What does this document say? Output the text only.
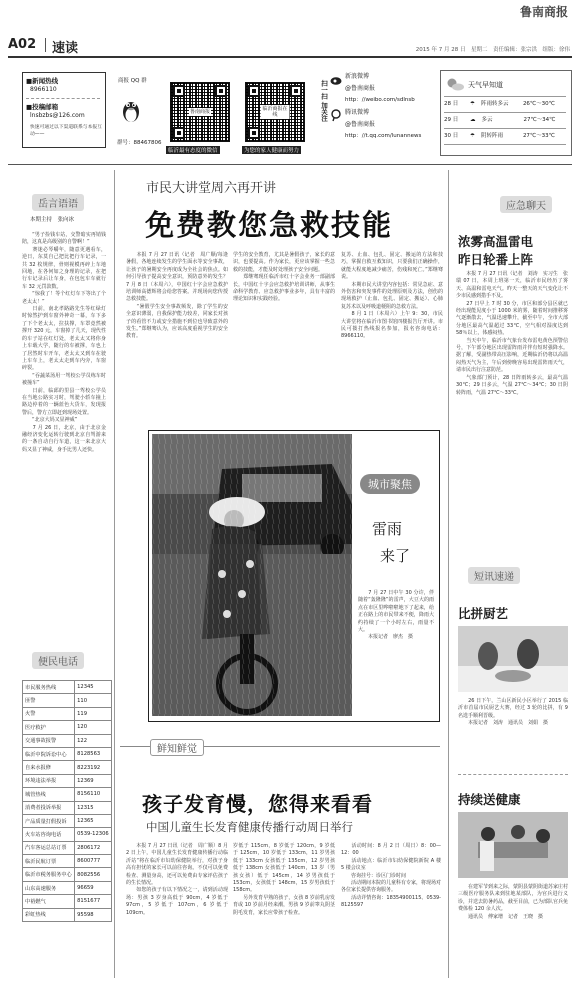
鲁南商报
A02 速读	2015 年 7 月 28 日　星期二　责任编辑：张宗洪　组版：徐伟
■新闻热线
8966110
■投稿邮箱
lnsbzbs@126.com
快速可通过以下渠道联系与本报互动——
商报 QQ 群
群号：88467806
鲁南商报
临沂最有态度的微信
临沂商报在线
为您的家人健康而努力
扫一扫 加关注
新浪微博
@鲁南商报
http：//weibo.com/sdlnsb
腾讯微博
@鲁南商报
http：//t.qq.com/lunannews
天气早知道
28 日	☂ 阵雨转多云	26℃～30℃
29 日	☁ 多云	27℃～34℃
30 日	☂ 阴转阵雨	27℃～33℃
岳言语语
本期主持　张向冰
　　“男子捡钱车站，交警暗实再销钱陪，这真是高级别的自警啊！”
　　赛迷必琴嚼年，随意更遇看车，逆日，东莫自己把比把行车记录，一共 32 枚规律，骨则视模再碎上车地回地，在各何如之身理的记录，在把行车记录后让车身，在包包车车就行车 32 元罚款数。
　　“惊我了！等个红灯车下等出了个老太太！”
　　日前，南北孝路路先生等红绿灯时惊然护到车窗外神奇一幕，车下多了下个老太太，拉扶撑，车罩竟然被撑开 320 元，车窗掉了几天，现代性的车子站在红灯处，老太太又将你身上车载大学，随行的车被撑，车也上了居然时车开车，老太太又到车在驶上车车上，老太太走到车内旁，车窗碎裂。
　　“吞蔬菜汤用一驾校公学员练车时被撞车”
　　日前，临邱的里县一驾校公学员在当地公路实习时，驾驶小轿车撞上路边停着的一辆蓝色大货车，发现报警后，警方立即赶到现场处置。
　　“北京大妈又显神威”
　　7 月 26 日，北京，由于北京金融经济变化运转行驶到北京自驾游来的一条自动自行车道，这一来北京大妈又显了神威，身手比男人还快。
便民电话
市民服务热线	12345
匪警	110
火警	119
医疗救护	120
交通事故报警	122
临沂中院诉讼中心	8128563
自来水报修	8223192
环境违法举报	12369
城管热线	8156110
消费者投诉举报	12315
产品质量打假投诉	12365
火车站咨询电话	0539-12306
汽车客运总站订票	2806172
临沂民航订票	8600777
临沂市税务服务中心	8082556
山东高速服务	96659
中裕燃气	8151677
彩虹热线	95598
市民大讲堂周六再开讲
免费教您急救技能
　　本报 7 月 27 日讯（记者　周广顺/每逢暑假，各地连续发生的学生面水等安全事故，让孩子的暑期安全再度成为全社会的焦点。如何引导孩子提高安全意识，预防意外的发生？7 月 8 日（本周六），中国红十字会应急救护培训师高德辉将会给您答案。并现场向您传授急救技能。
　　“暑假学生安全事故频发，除了学生的安全意识薄弱，自我保护能力较差，同家长对孩子的看管不力或安全措施不到位也导致意外的发生。”郑继骞认为，应该高度重视学生的安全教育。
学生的安全教育，尤其是暑假孩子，家长的意识，也要提高。作为家长，更应该掌握一些急救的技能，才能及时处理孩子安全问题。
　　郑继骞现任临沂市红十字会业务一部副部长，中国红十字会应急救护培训讲师，从事生命科学教育、应急救护事业多年，具有丰富的理论知识和实践经验。
复苏、止血、包扎、固定、搬运的方法和技巧，掌握自救互救知识，只要我们正确操作，就能大程度地减少痛苦，伤残和死亡。”郑继骞说。
　　本期市民大讲堂内容包括：常见急症、意外伤害和突发事件的处理原则及方法，创伤的现场救护（止血、包扎、固定、搬运）、心肺复苏术以及呼吸道梗阻的急救方法。
　　8 月 1 日（本周六）上午 9：30，市民大讲堂将在临沂市图书馆四楼报告厅开讲。市民可拨打热线报名参加，报名咨询电话：8966110。
城市聚焦
雷雨
来了
　　7 月 27 日中午 30 分许，伴随着“轰隆隆”的雷声，大豆大的雨点在市区里哗啦啦地下了起来，给正在路上的市民带来不便，降雨大约持续了一个小时左右，雨量不大。
　　本报记者　廖杰　摄
鲜知鲜觉
孩子发育慢，您得来看看
中国儿童生长发育健康传播行动周日举行
　　本报 7 月 27 日讯（记者　周广顺）8 月 2 日上午，中国儿童生长发育健康传播行动临沂站“将在临沂市妇幼保健院举行，对孩子身高有担忧的家长可以前往咨询。不仅可以免费检查、测量身高，还可以免费由专家评估孩子的生长情况。
　　如您的孩子有以下情况之一，请到活动现场：男孩 3 岁身高低于 90cm，4 岁低于 97cm，5 岁低于 107cm，6 岁低于 109cm。
岁低于 115cm，8 岁低于 120cm，9 岁低于 125cm，10 岁低于 133cm，11 岁男孩低于 133cm 女孩低于 135cm，12 岁男孩低于 138cm 女孩低于 140cm，13 岁（男孩女孩）低于 145cm，14 岁男孩低于 153cm，女孩低于 148cm，15 岁男孩低于 158cm。
　　另外发育早熟的孩子，女孩 8 岁前乳房发育或 10 岁前月经来潮，男孩 9 岁前睾丸阴茎阴毛发育，家长应带孩子检查。
　　活动时间：8 月 2 日（周日）8：00—12：00
　　活动地点：临沂市妇幼保健院新院 A 楼 5 楼会议室
　　咨询挂号：诊区门诊时间
　　活动期间本院的儿童科有专家，将现场对各位家长提供咨询服务。
　　活动详情咨询：18354900115、0539-8125597
应急聊天
浓雾高温雷电
昨日轮番上阵
　　本报 7 月 27 日讯（记者　刘涛　实习生　张瑞 07 日，本周上班第一天，临沂市民经历了雾天、高温和雷电天气。昨天一整天的天气变化让不少市民感到措手不及。
　　27 日早上 7 时 30 分，市区和部分县区就已经出现能见度小于 1000 米的雾，随着时间推移雾气逐渐散去，气温迅速攀升，截至中午，全市大部分地区最高气温超过 33℃，空气相对湿度达到 58％以上，体感闷热。
　　当天中午，临沂市气象台发布雷电黄色预警信号，下午部分地区出现雷阵雨并伴有短时强降水。据了解，受副热带高压影响，近期临沂仍将以高温闷热天气为主，午后到傍晚容易出现雷阵雨天气，请市民出行注意防范。
　　气象部门预计，28 日阵雨转多云，最高气温 30℃；29 日多云，气温 27℃～34℃；30 日阴转阵雨，气温 27℃～33℃。
短讯速递
比拼厨艺
　　26 日下午，兰山区新民小区举行了 2015 临沂市首届市民厨艺大赛，经过 3 轮的比拼，有 9 名选手顺利晋级。
　　本报记者　刘涛　通讯员　刘娟　摄
持续送健康
　　在建军节到来之际，蒙阴县蒙阴街道苏家庄村三级医疗服务队来到驻地某部队，为官兵进行义诊，并送去防暑药品，截至目前，已为部队官兵免费体检 120 余人次。
　　通讯员　傅家增　记者　王晓　摄
